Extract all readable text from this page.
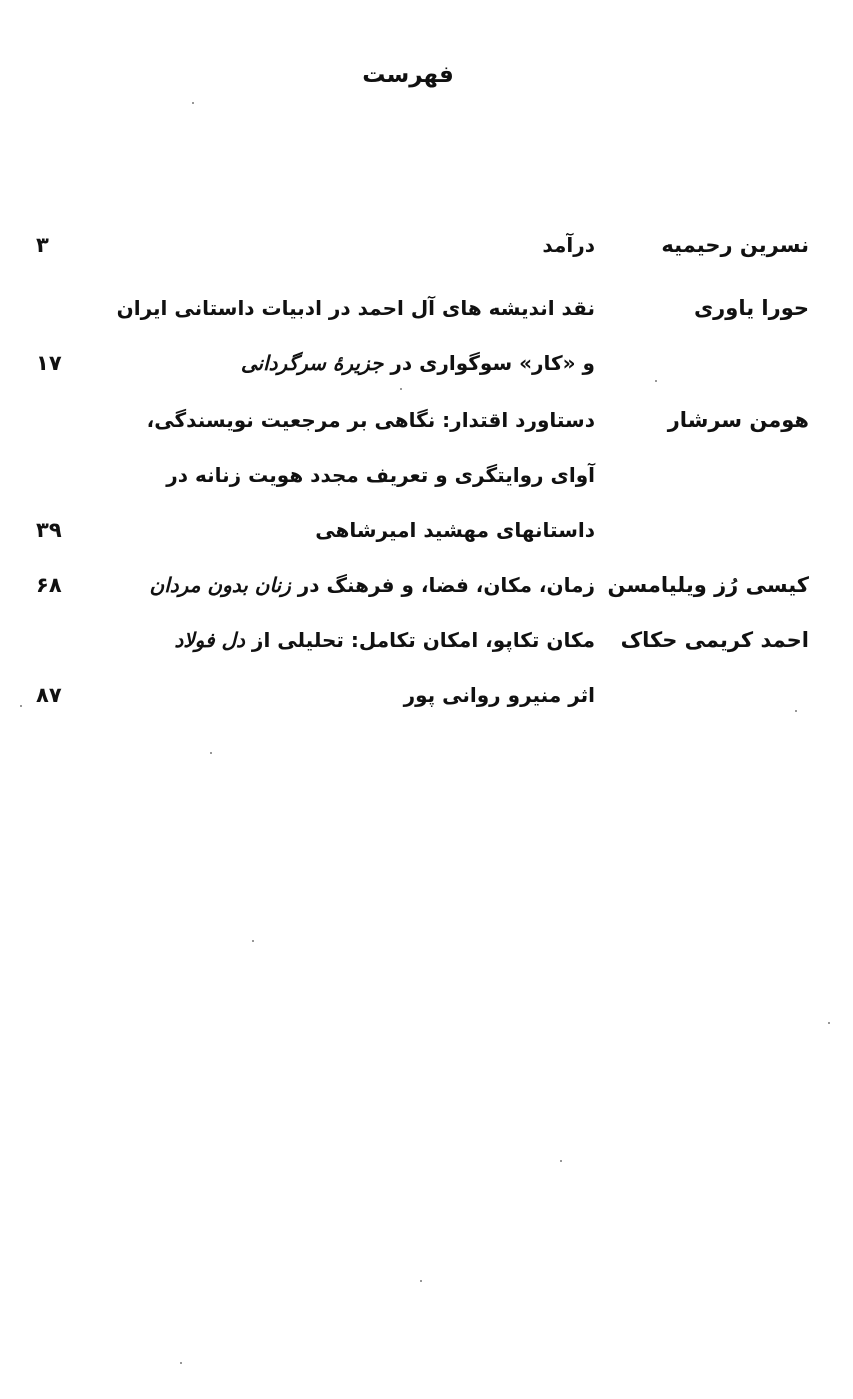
فهرست
نسرین رحیمیه
درآمد
۳
حورا یاوری
نقد اندیشه های آل احمد در ادبیات داستانی ایران
و «کار» سوگواری در جزیرهٔ سرگردانی
۱۷
هومن سرشار
دستاورد اقتدار: نگاهی بر مرجعیت نویسندگی،
آوای روایتگری و تعریف مجدد هویت زنانه در
داستانهای مهشید امیرشاهی
۳۹
کیسی رُز ویلیامسن
زمان، مکان، فضا، و فرهنگ در زنان بدون مردان
۶۸
احمد کریمی حکاک
مکان تکاپو، امکان تکامل: تحلیلی از دل فولاد
اثر منیرو روانی پور
۸۷
